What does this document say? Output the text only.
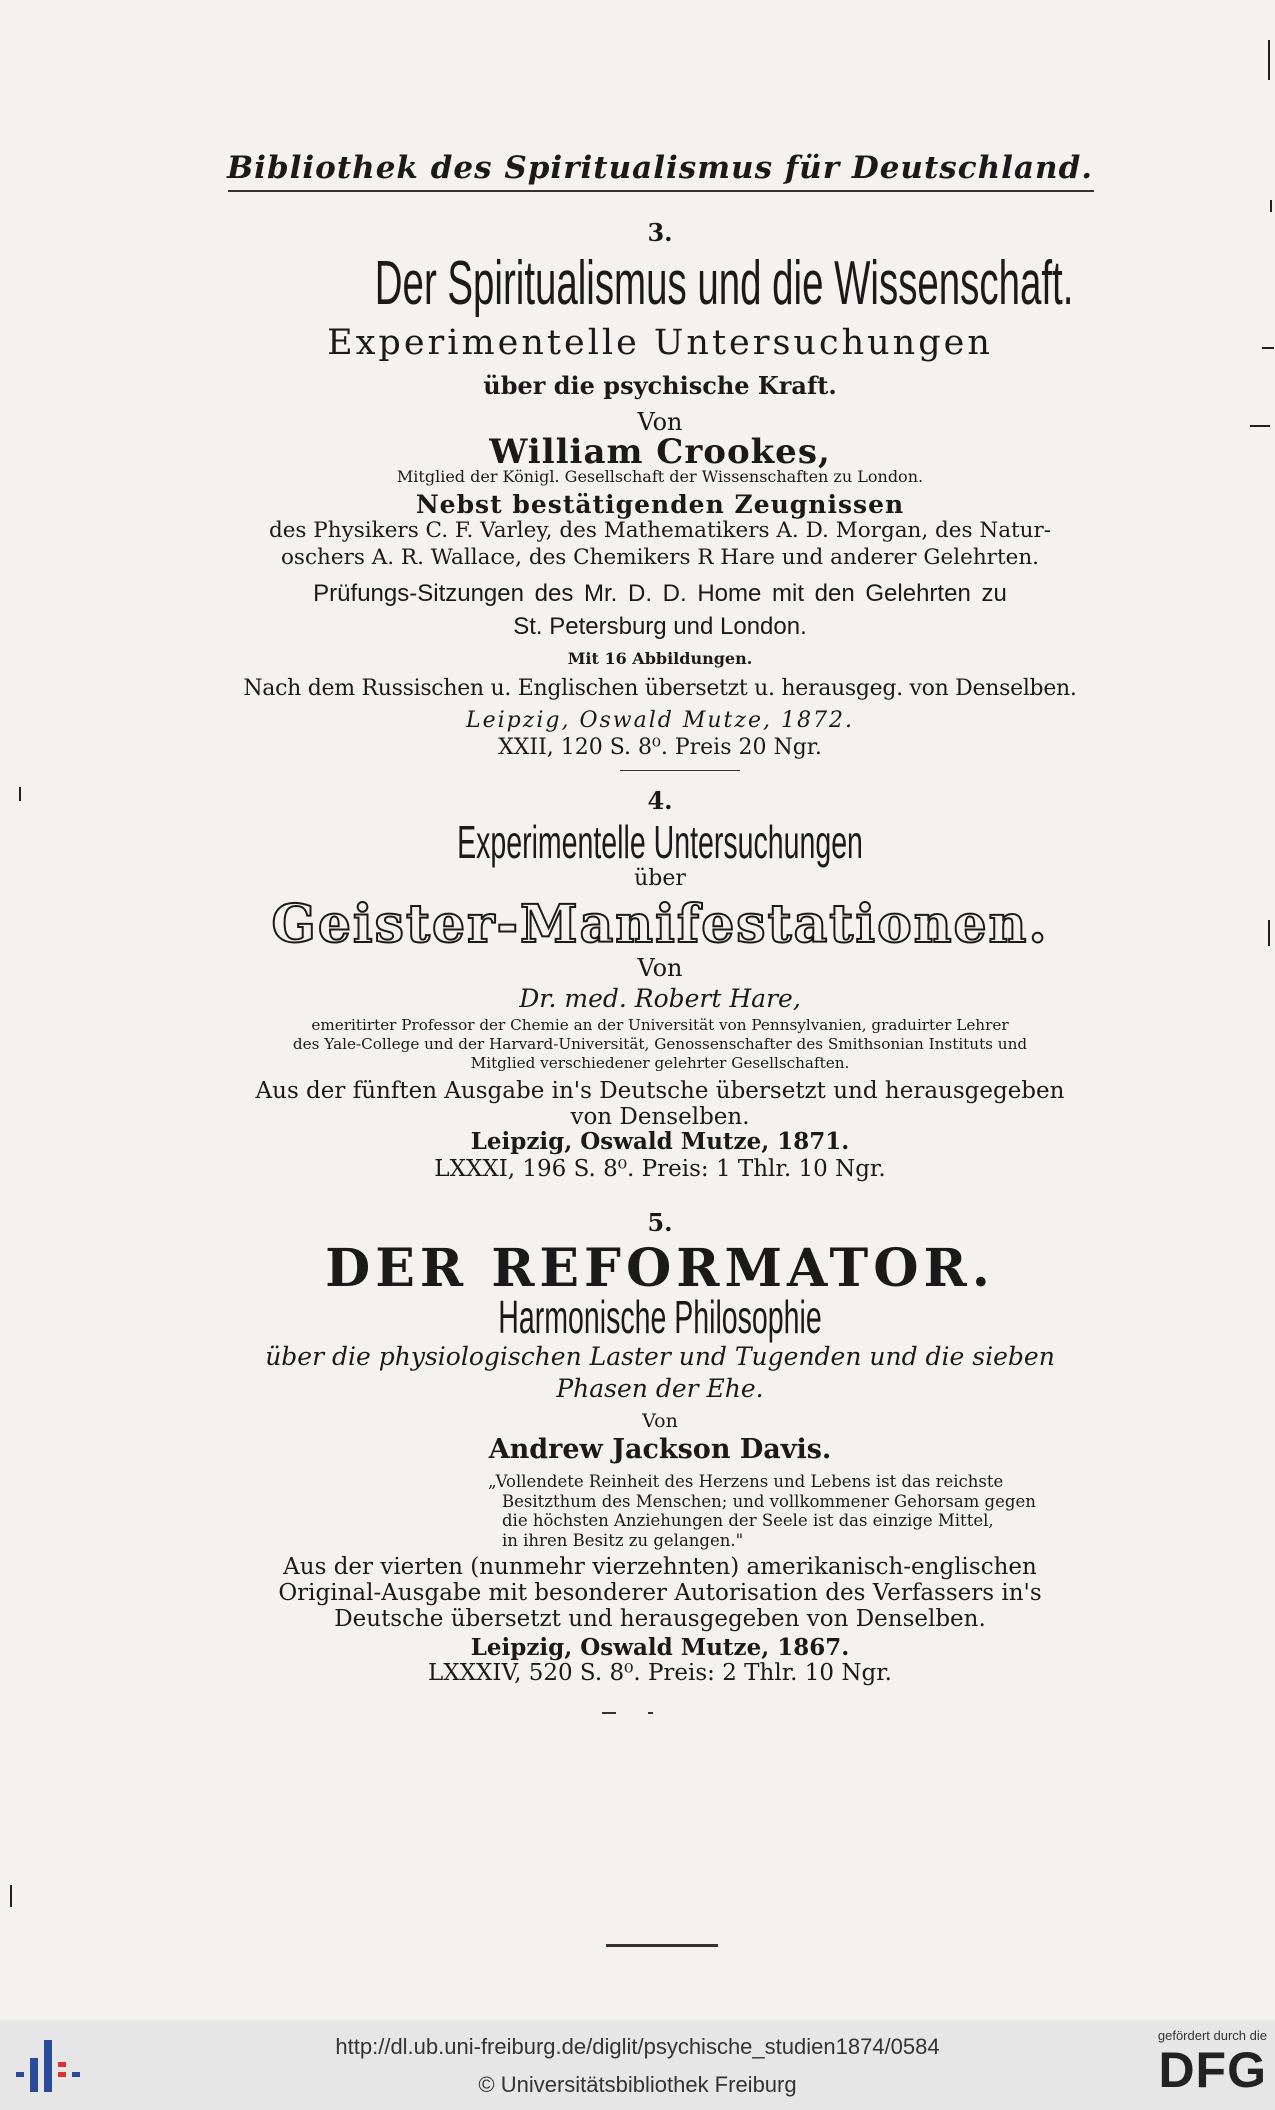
Bibliothek des Spiritualismus für Deutschland.
3.
Der Spiritualismus und die Wissenschaft.
Experimentelle Untersuchungen
über die psychische Kraft.
Von
William Crookes,
Mitglied der Königl. Gesellschaft der Wissenschaften zu London.
Nebst bestätigenden Zeugnissen
des Physikers C. F. Varley, des Mathematikers A. D. Morgan, des Natur-
oschers A. R. Wallace, des Chemikers R Hare und anderer Gelehrten.
Prüfungs-Sitzungen des Mr. D. D. Home mit den Gelehrten zu
St. Petersburg und London.
Mit 16 Abbildungen.
Nach dem Russischen u. Englischen übersetzt u. herausgeg. von Denselben.
Leipzig, Oswald Mutze, 1872.
XXII, 120 S. 8⁰. Preis 20 Ngr.
4.
Experimentelle Untersuchungen
über
Geister-Manifestationen.
Von
Dr. med. Robert Hare,
emeritirter Professor der Chemie an der Universität von Pennsylvanien, graduirter Lehrer
des Yale-College und der Harvard-Universität, Genossenschafter des Smithsonian Instituts und
Mitglied verschiedener gelehrter Gesellschaften.
Aus der fünften Ausgabe in's Deutsche übersetzt und herausgegeben
von Denselben.
Leipzig, Oswald Mutze, 1871.
LXXXI, 196 S. 8⁰. Preis: 1 Thlr. 10 Ngr.
5.
DER REFORMATOR.
Harmonische Philosophie
über die physiologischen Laster und Tugenden und die sieben
Phasen der Ehe.
Von
Andrew Jackson Davis.
„Vollendete Reinheit des Herzens und Lebens ist das reichste
Besitzthum des Menschen; und vollkommener Gehorsam gegen
die höchsten Anziehungen der Seele ist das einzige Mittel,
in ihren Besitz zu gelangen."
Aus der vierten (nunmehr vierzehnten) amerikanisch-englischen
Original-Ausgabe mit besonderer Autorisation des Verfassers in's
Deutsche übersetzt und herausgegeben von Denselben.
Leipzig, Oswald Mutze, 1867.
LXXXIV, 520 S. 8⁰. Preis: 2 Thlr. 10 Ngr.
http://dl.ub.uni-freiburg.de/diglit/psychische_studien1874/0584
© Universitätsbibliothek Freiburg
gefördert durch die
DFG
